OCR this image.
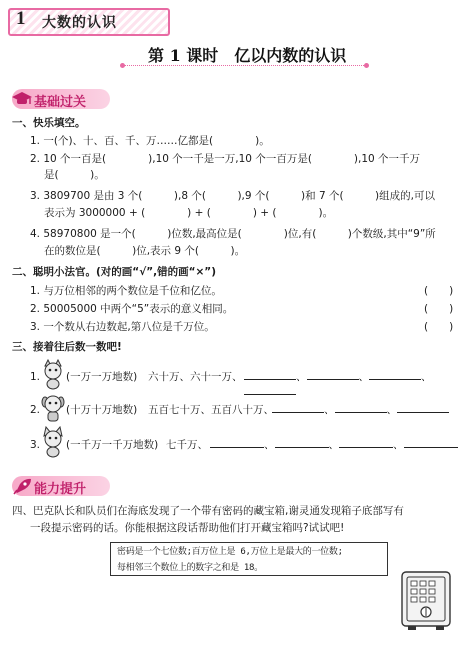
1 大数的认识
第 1 课时　亿以内数的认识
基础过关
一、快乐填空。
1. 一(个)、十、百、千、万……亿都是(　　　　)。
2. 10 个一百是(　　　　),10 个一千是一万,10 个一百万是(　　　　),10 个一千万
是(　　　)。
3. 3809700 是由 3 个(　　　),8 个(　　　),9 个(　　　)和 7 个(　　　)组成的,可以
表示为 3000000 + (　　　　) + (　　　　) + (　　　　)。
4. 58970800 是一个(　　　)位数,最高位是(　　　　)位,有(　　　)个数级,其中“9”所
在的数位是(　　　)位,表示 9 个(　　　)。
二、聪明小法官。(对的画“√”,错的画“×”)
1. 与万位相邻的两个数位是千位和亿位。	(　　)
2. 50005000 中两个“5”表示的意义相同。	(　　)
3. 一个数从右边数起,第八位是千万位。	(　　)
三、接着往后数一数吧!
1. (一万一万地数) 六十万、六十一万、	、	、	、
2. (十万十万地数) 五百七十万、五百八十万、	、	、
3. (一千万一千万地数) 七千万、	、	、	、
能力提升
四、巴克队长和队员们在海底发现了一个带有密码的藏宝箱,谢灵通发现箱子底部写有
一段提示密码的话。你能根据这段话帮助他们打开藏宝箱吗?试试吧!
密码是一个七位数;百万位上是 6,万位上是最大的一位数;
每相邻三个数位上的数字之和是 18。
